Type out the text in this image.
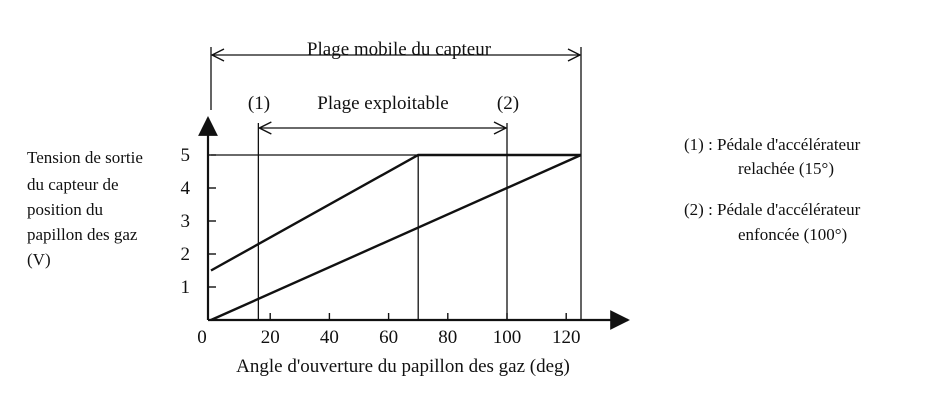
Tension de sortie
du capteur de
position du
papillon des gaz
(V)
Angle d'ouverture du papillon des gaz (deg)
Plage mobile du capteur
Plage exploitable
(1)	(2)
(1) : Pédale d'accélérateur
relachée (15°)
(2) : Pédale d'accélérateur
enfoncée (100°)
0	20 40 60 80 100 120
1
2
3
4
5
